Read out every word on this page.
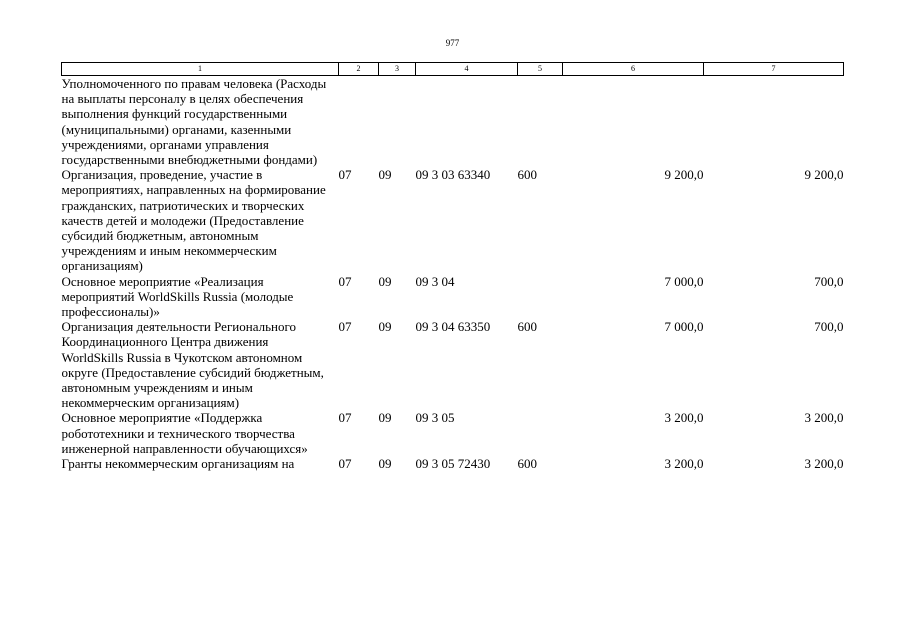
977
1	2	3	4	5	6	7
Уполномоченного по правам человека (Расходы на выплаты персоналу в целях обеспечения выполнения функций государственными (муниципальными) органами, казенными учреждениями, органами управления государственными внебюджетными фондами)						
Организация, проведение, участие в мероприятиях, направленных на формирование гражданских, патриотических и творческих качеств детей и молодежи (Предоставление субсидий бюджетным, автономным учреждениям и иным некоммерческим организациям)	07	09	09 3 03 63340	600	9 200,0	9 200,0
Основное мероприятие «Реализация мероприятий WorldSkills Russia (молодые профессионалы)»	07	09	09 3 04		7 000,0	700,0
Организация деятельности Регионального Координационного Центра движения WorldSkills Russia в Чукотском автономном округе (Предоставление субсидий бюджетным, автономным учреждениям и иным некоммерческим организациям)	07	09	09 3 04 63350	600	7 000,0	700,0
Основное мероприятие «Поддержка робототехники и технического творчества инженерной направленности обучающихся»	07	09	09 3 05		3 200,0	3 200,0
Гранты некоммерческим организациям на	07	09	09 3 05 72430	600	3 200,0	3 200,0
